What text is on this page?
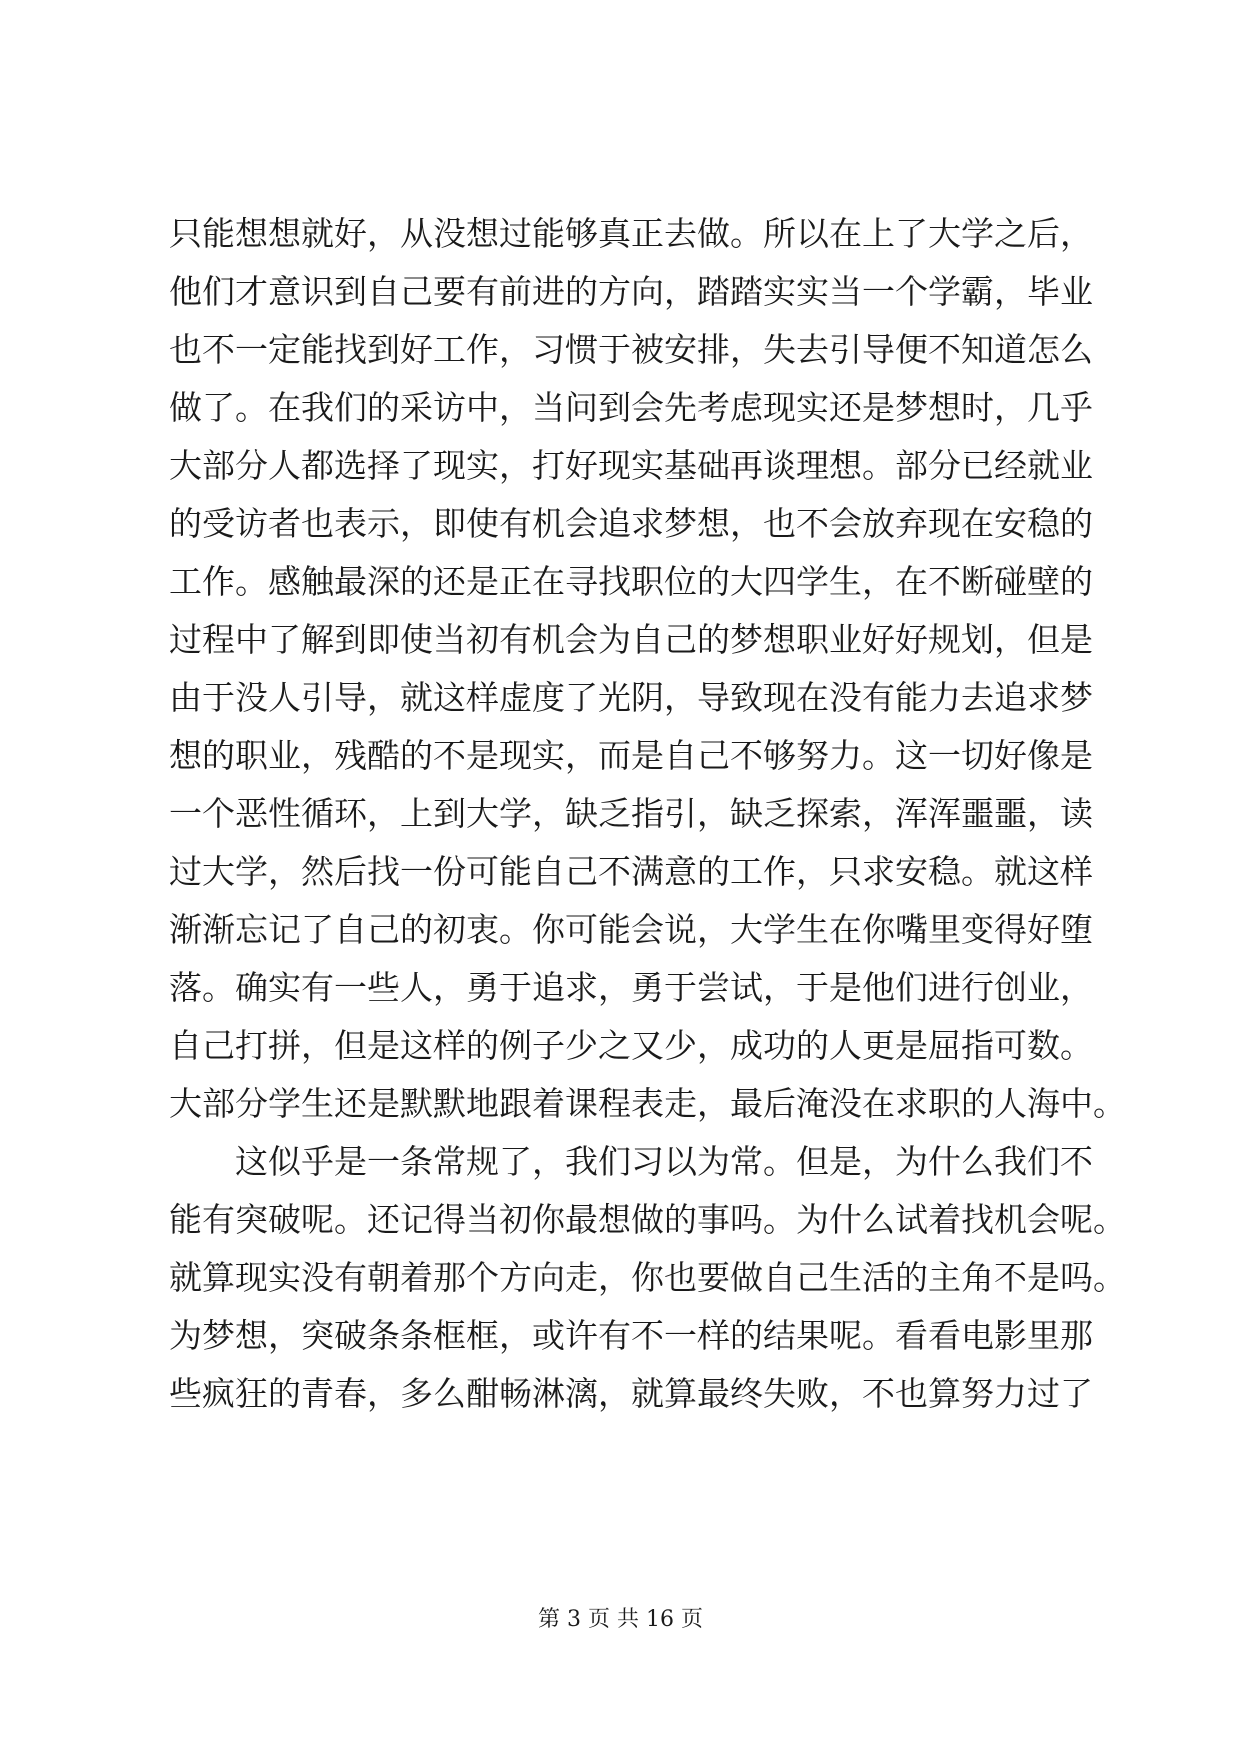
只能想想就好，从没想过能够真正去做。所以在上了大学之后，
他们才意识到自己要有前进的方向，踏踏实实当一个学霸，毕业
也不一定能找到好工作，习惯于被安排，失去引导便不知道怎么
做了。在我们的采访中，当问到会先考虑现实还是梦想时，几乎
大部分人都选择了现实，打好现实基础再谈理想。部分已经就业
的受访者也表示，即使有机会追求梦想，也不会放弃现在安稳的
工作。感触最深的还是正在寻找职位的大四学生，在不断碰壁的
过程中了解到即使当初有机会为自己的梦想职业好好规划，但是
由于没人引导，就这样虚度了光阴，导致现在没有能力去追求梦
想的职业，残酷的不是现实，而是自己不够努力。这一切好像是
一个恶性循环，上到大学，缺乏指引，缺乏探索，浑浑噩噩，读
过大学，然后找一份可能自己不满意的工作，只求安稳。就这样
渐渐忘记了自己的初衷。你可能会说，大学生在你嘴里变得好堕
落。确实有一些人，勇于追求，勇于尝试，于是他们进行创业，
自己打拼，但是这样的例子少之又少，成功的人更是屈指可数。
大部分学生还是默默地跟着课程表走，最后淹没在求职的人海中。
这似乎是一条常规了，我们习以为常。但是，为什么我们不
能有突破呢。还记得当初你最想做的事吗。为什么试着找机会呢。
就算现实没有朝着那个方向走，你也要做自己生活的主角不是吗。
为梦想，突破条条框框，或许有不一样的结果呢。看看电影里那
些疯狂的青春，多么酣畅淋漓，就算最终失败，不也算努力过了
第 3 页 共 16 页
